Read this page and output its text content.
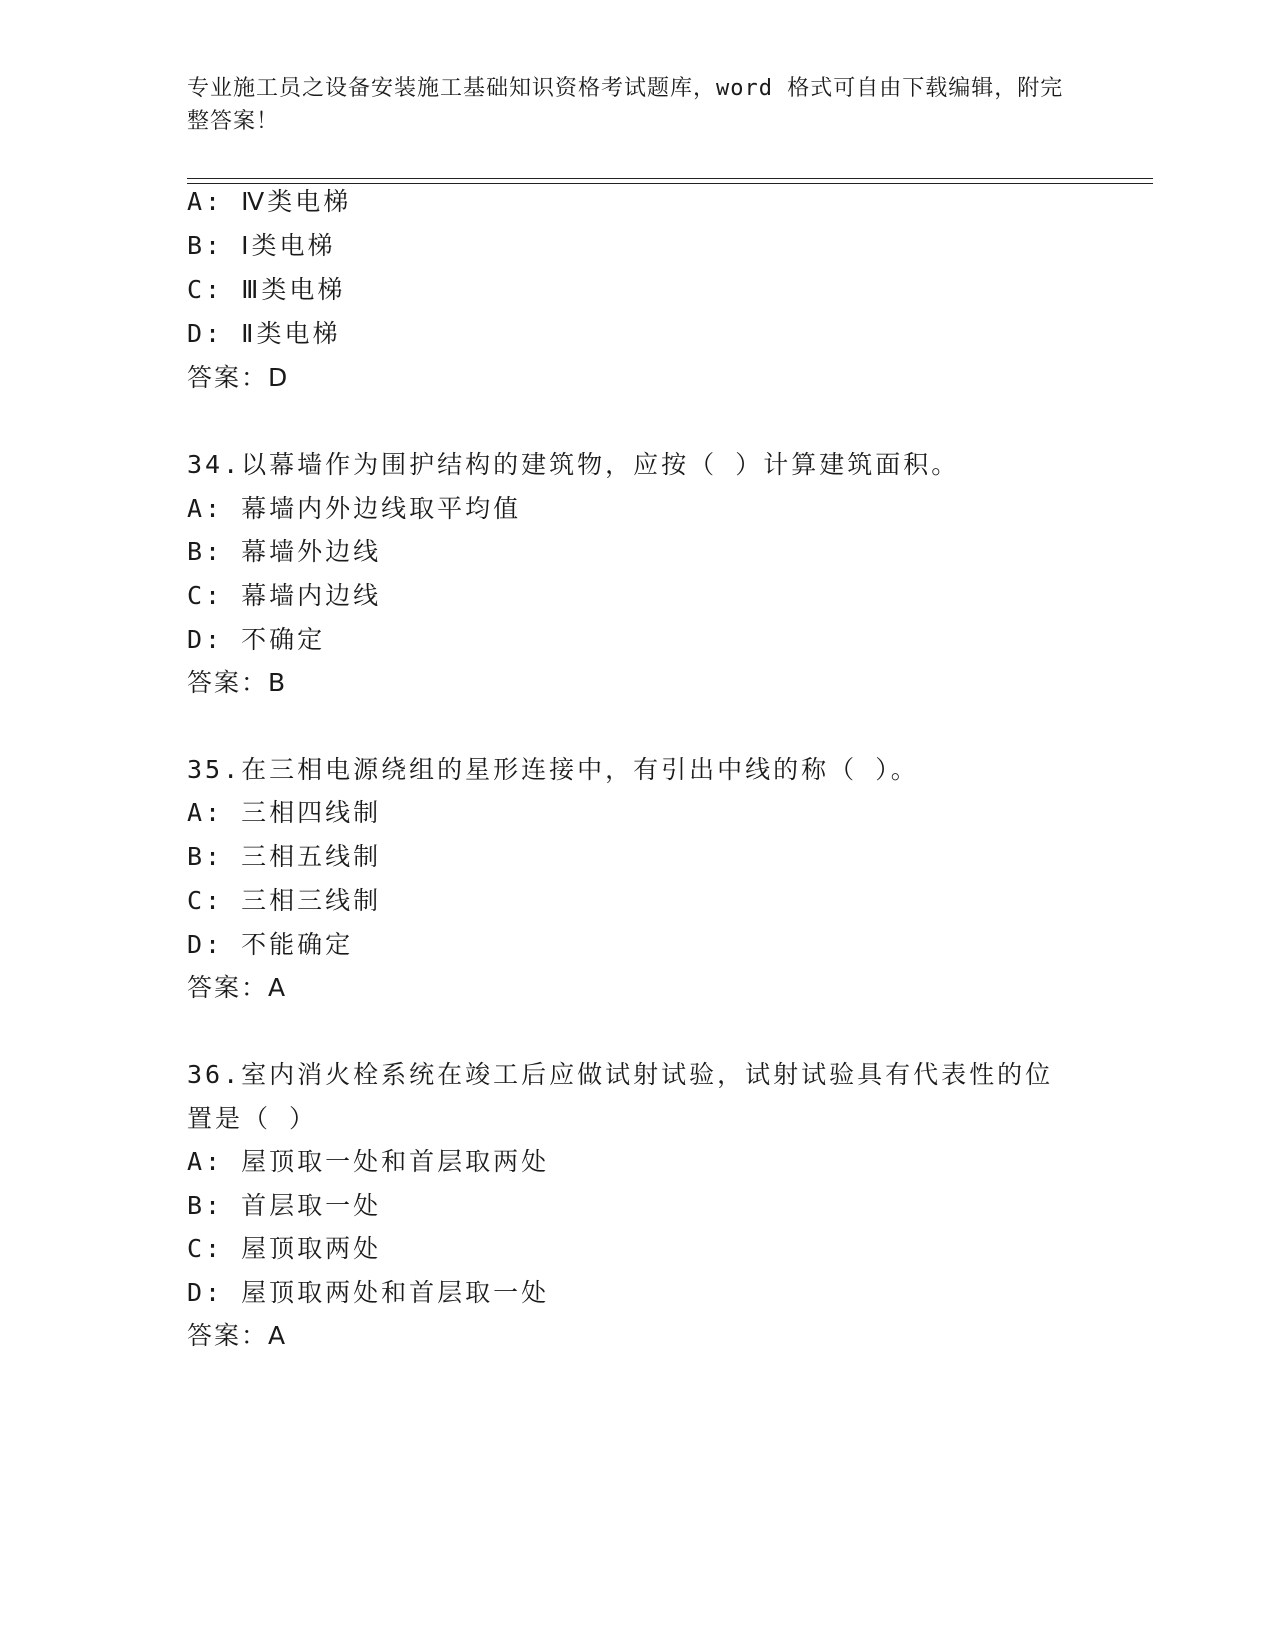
专业施工员之设备安装施工基础知识资格考试题库，word 格式可自由下载编辑，附完整答案！
A: Ⅳ类电梯
B: Ⅰ类电梯
C: Ⅲ类电梯
D: Ⅱ类电梯
答案：D
34.以幕墙作为围护结构的建筑物，应按（ ）计算建筑面积。
A: 幕墙内外边线取平均值
B: 幕墙外边线
C: 幕墙内边线
D: 不确定
答案：B
35.在三相电源绕组的星形连接中，有引出中线的称（ ）。
A: 三相四线制
B: 三相五线制
C: 三相三线制
D: 不能确定
答案：A
36.室内消火栓系统在竣工后应做试射试验，试射试验具有代表性的位置是（ ）
A: 屋顶取一处和首层取两处
B: 首层取一处
C: 屋顶取两处
D: 屋顶取两处和首层取一处
答案：A
